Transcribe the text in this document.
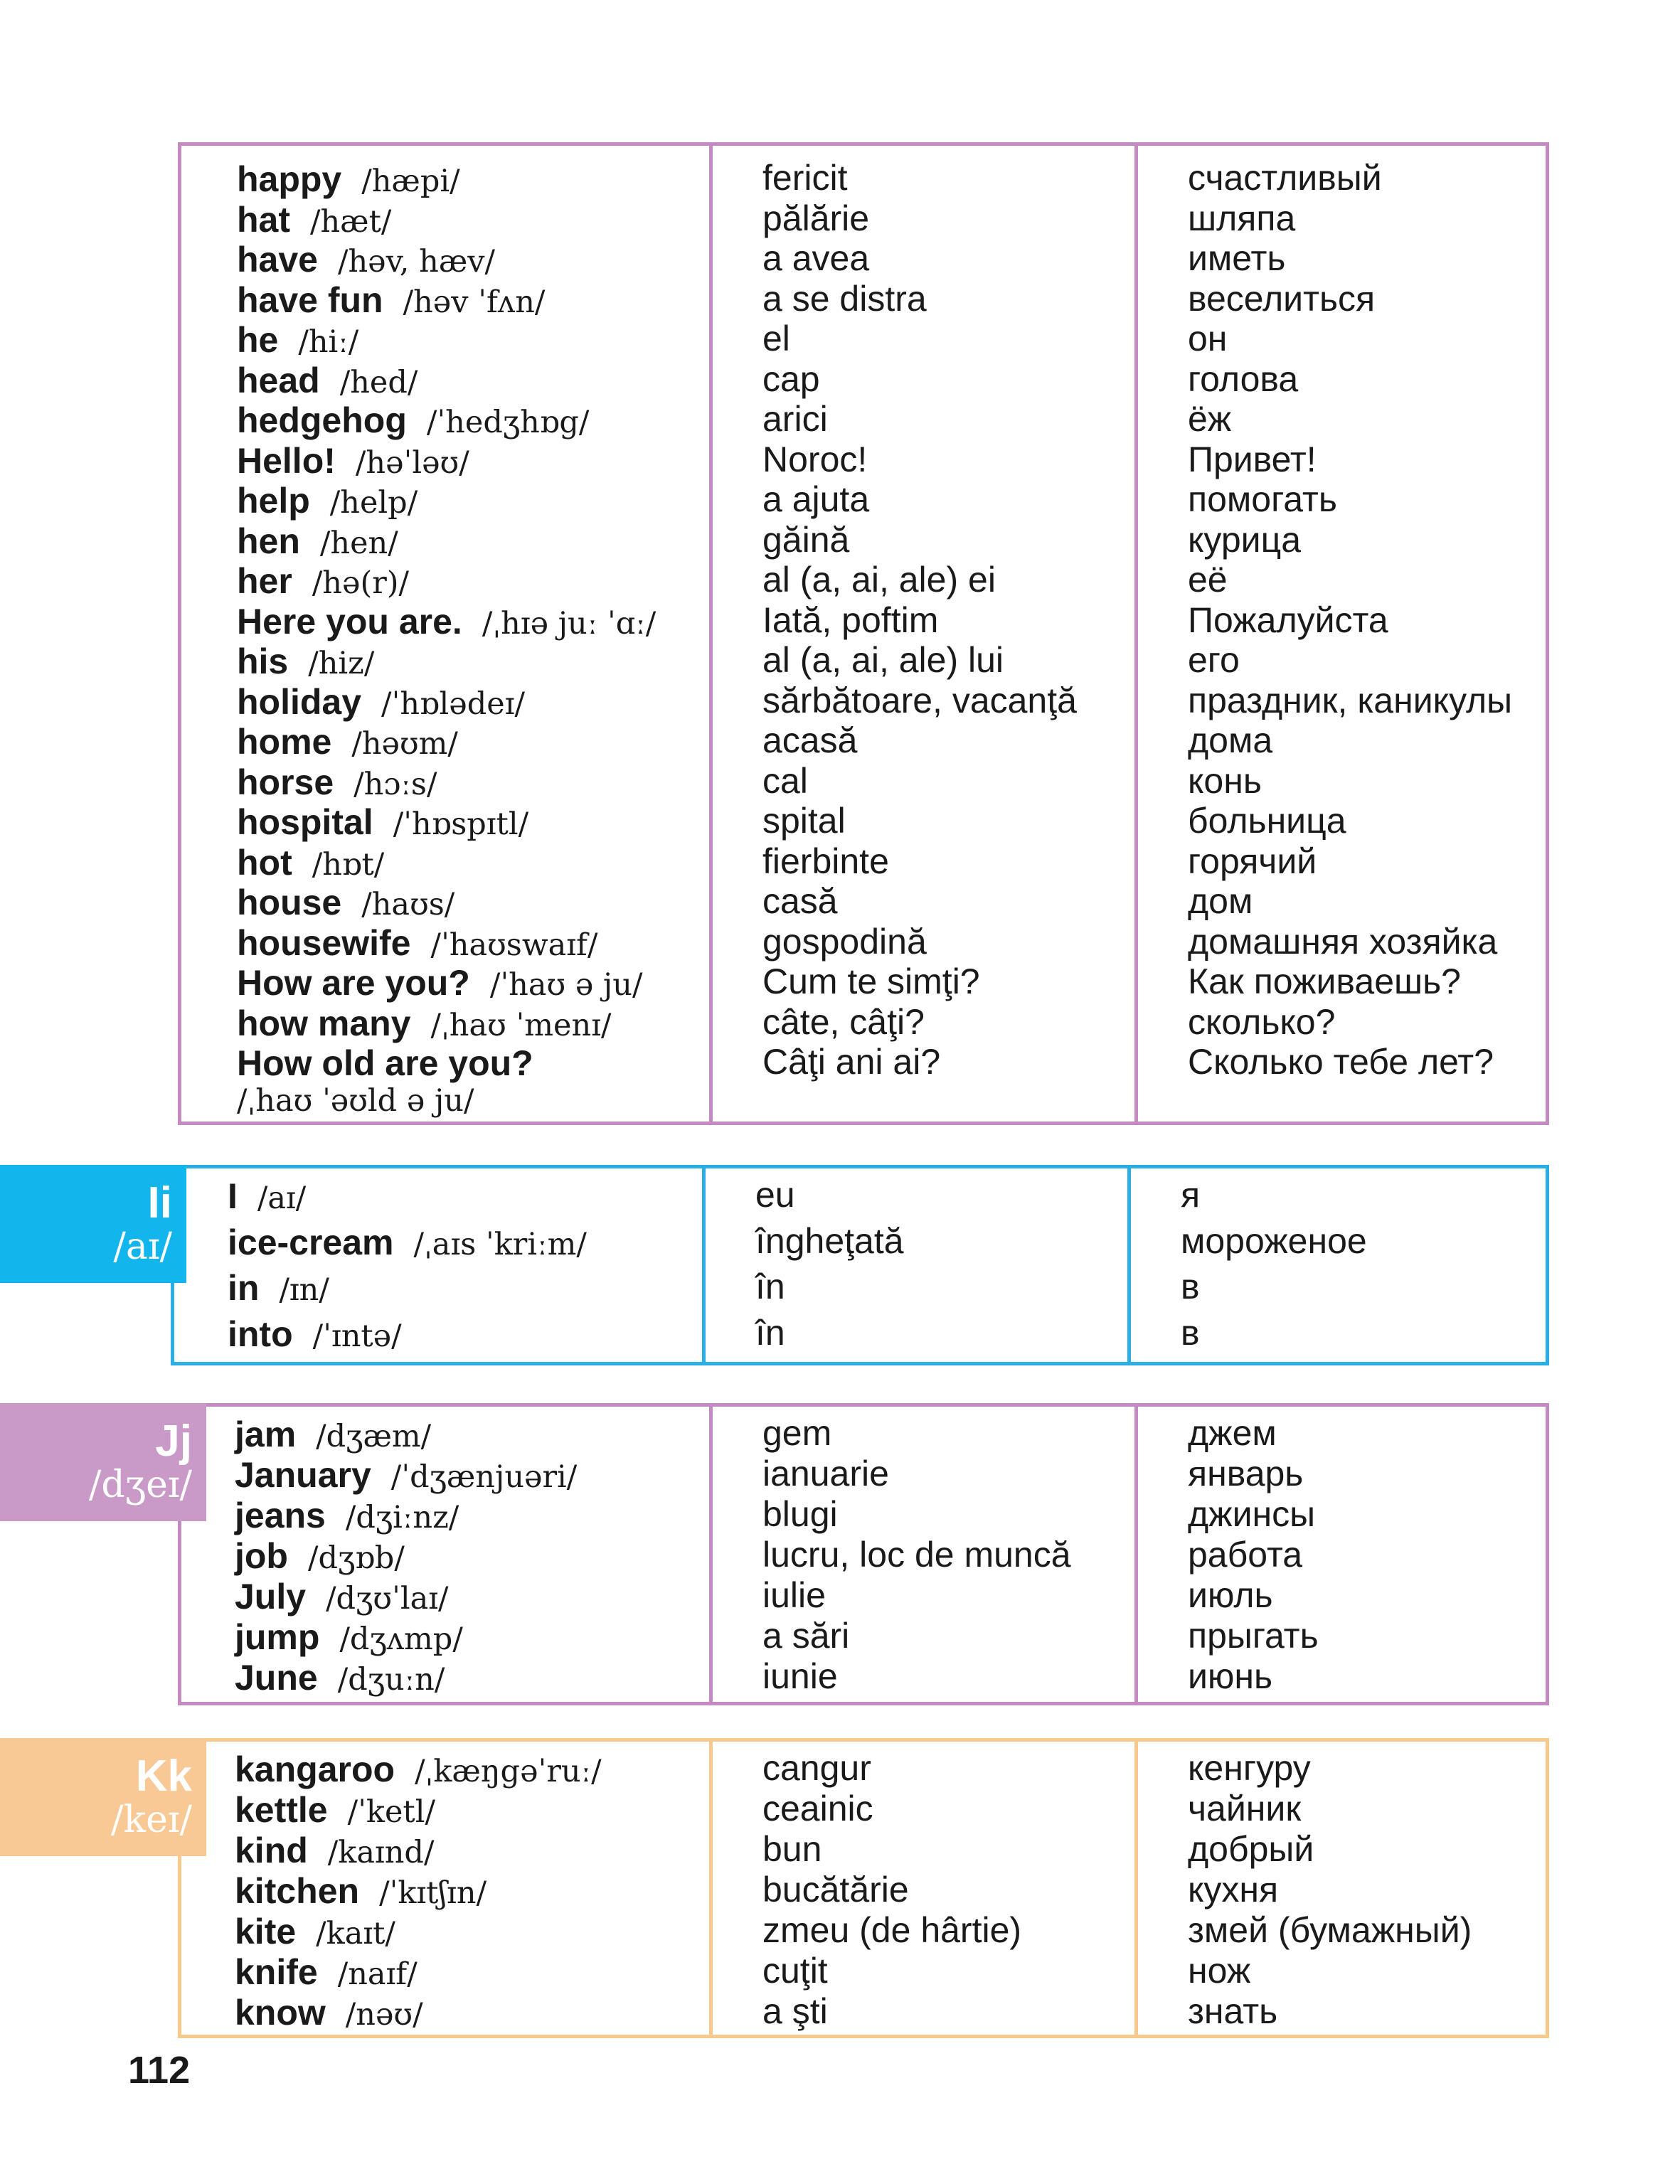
happy /hæpi/
hat /hæt/
have /həv, hæv/
have fun /həv ˈfʌn/
he /hiː/
head /hed/
hedgehog /ˈhedʒhɒg/
Hello! /həˈləʊ/
help /help/
hen /hen/
her /hə(r)/
Here you are. /ˌhɪə juː ˈɑː/
his /hiz/
holiday /ˈhɒlədeɪ/
home /həʊm/
horse /hɔːs/
hospital /ˈhɒspɪtl/
hot /hɒt/
house /haʊs/
housewife /ˈhaʊswaɪf/
How are you? /ˈhaʊ ə ju/
how many /ˌhaʊ ˈmenɪ/
How old are you?
/ˌhaʊ ˈəʊld ə ju/
fericit
pălărie
a avea
a se distra
el
cap
arici
Noroc!
a ajuta
găină
al (a, ai, ale) ei
Iată, poftim
al (a, ai, ale) lui
sărbătoare, vacanţă
acasă
cal
spital
fierbinte
casă
gospodină
Cum te simţi?
câte, câţi?
Câţi ani ai?
счастливый
шляпа
иметь
веселиться
он
голова
ёж
Привет!
помогать
курица
её
Пожалуйста
его
праздник, каникулы
дома
конь
больница
горячий
дом
домашняя хозяйка
Как поживаешь?
сколько?
Сколько тебе лет?
I /aɪ/
ice-cream /ˌaɪs ˈkriːm/
in /ɪn/
into /ˈɪntə/
eu
îngheţată
în
în
я
мороженое
в
в
Ii
/aɪ/
jam /dʒæm/
January /ˈdʒænjuəri/
jeans /dʒiːnz/
job /dʒɒb/
July /dʒʊˈlaɪ/
jump /dʒʌmp/
June /dʒuːn/
gem
ianuarie
blugi
lucru, loc de muncă
iulie
a sări
iunie
джем
январь
джинсы
работа
июль
прыгать
июнь
Jj
/dʒeɪ/
kangaroo /ˌkæŋgəˈruː/
kettle /ˈketl/
kind /kaɪnd/
kitchen /ˈkɪtʃɪn/
kite /kaɪt/
knife /naɪf/
know /nəʊ/
cangur
ceainic
bun
bucătărie
zmeu (de hârtie)
cuţit
a şti
кенгуру
чайник
добрый
кухня
змей (бумажный)
нож
знать
Kk
/keɪ/
112
